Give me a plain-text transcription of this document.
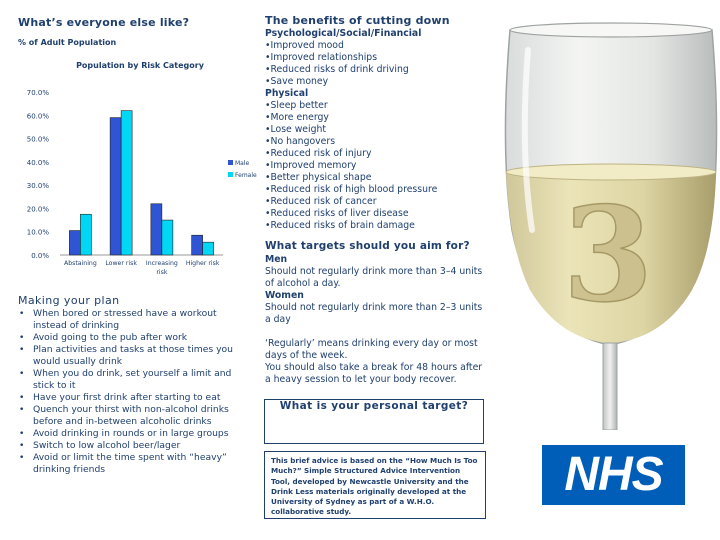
What’s everyone else like?
% of Adult Population
Population by Risk Category
70.0%
60.0%
50.0%
40.0%
30.0%
20.0%
10.0%
0.0%
Abstaining Lower risk Increasing
risk
Higher risk
Male
Female
Making your plan
• When bored or stressed have a workout instead of drinking
• Avoid going to the pub after work
• Plan activities and tasks at those times you would usually drink
• When you do drink, set yourself a limit and stick to it
• Have your first drink after starting to eat
• Quench your thirst with non-alcohol drinks before and in-between alcoholic drinks
• Avoid drinking in rounds or in large groups
• Switch to low alcohol beer/lager
• Avoid or limit the time spent with “heavy” drinking friends
The benefits of cutting down
Psychological/Social/Financial
•Improved mood
•Improved relationships
•Reduced risks of drink driving
•Save money
Physical
•Sleep better
•More energy
•Lose weight
•No hangovers
•Reduced risk of injury
•Improved memory
•Better physical shape
•Reduced risk of high blood pressure
•Reduced risk of cancer
•Reduced risks of liver disease
•Reduced risks of brain damage	3
What targets should you aim for?
Men
Should not regularly drink more than 3–4 units of alcohol a day.
Women
Should not regularly drink more than 2–3 units a day
‘Regularly’ means drinking every day or most days of the week.
You should also take a break for 48 hours after a heavy session to let your body recover.
What is your personal target?
This brief advice is based on the “How Much Is Too Much?” Simple Structured Advice Intervention Tool, developed by Newcastle University and the Drink Less materials originally developed at the University of Sydney as part of a W.H.O. collaborative study.
NHS
